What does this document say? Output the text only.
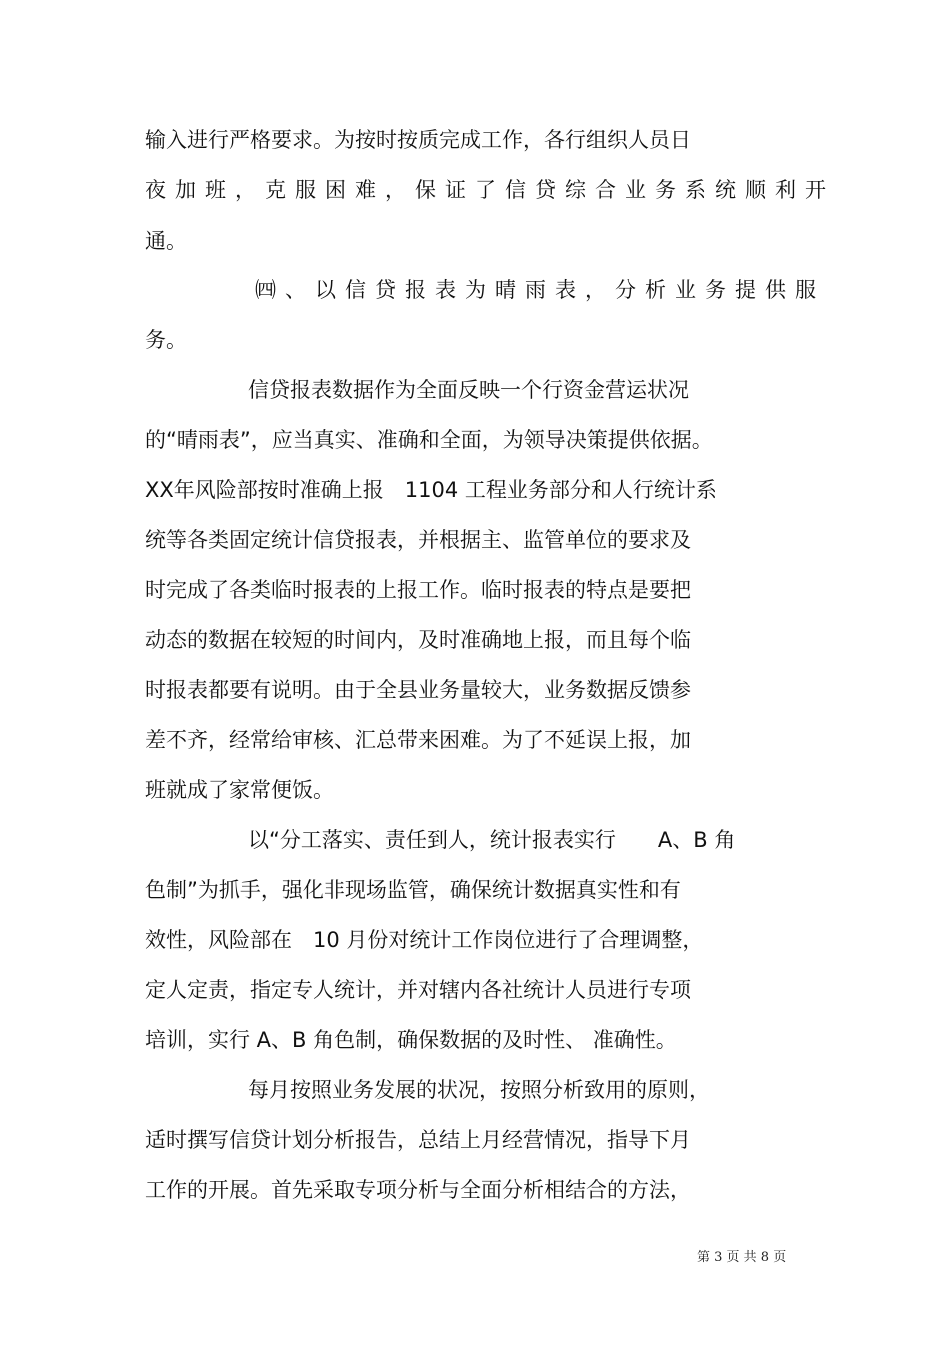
输入进行严格要求。为按时按质完成工作，各行组织人员日
夜加班，克服困难，保证了信贷综合业务系统顺利开
通。
㈣、以信贷报表为晴雨表，分析业务提供服
务。
信贷报表数据作为全面反映一个行资金营运状况
的“晴雨表”，应当真实、准确和全面，为领导决策提供依据。
XX年风险部按时准确上报　1104 工程业务部分和人行统计系
统等各类固定统计信贷报表，并根据主、监管单位的要求及
时完成了各类临时报表的上报工作。临时报表的特点是要把
动态的数据在较短的时间内，及时准确地上报，而且每个临
时报表都要有说明。由于全县业务量较大，业务数据反馈参
差不齐，经常给审核、汇总带来困难。为了不延误上报，加
班就成了家常便饭。
以“分工落实、责任到人，统计报表实行　　A、B 角
色制”为抓手，强化非现场监管，确保统计数据真实性和有
效性，风险部在　10 月份对统计工作岗位进行了合理调整，
定人定责，指定专人统计，并对辖内各社统计人员进行专项
培训，实行 A、B 角色制，确保数据的及时性、 准确性。
每月按照业务发展的状况，按照分析致用的原则，
适时撰写信贷计划分析报告，总结上月经营情况，指导下月
工作的开展。首先采取专项分析与全面分析相结合的方法，
第 3 页 共 8 页
